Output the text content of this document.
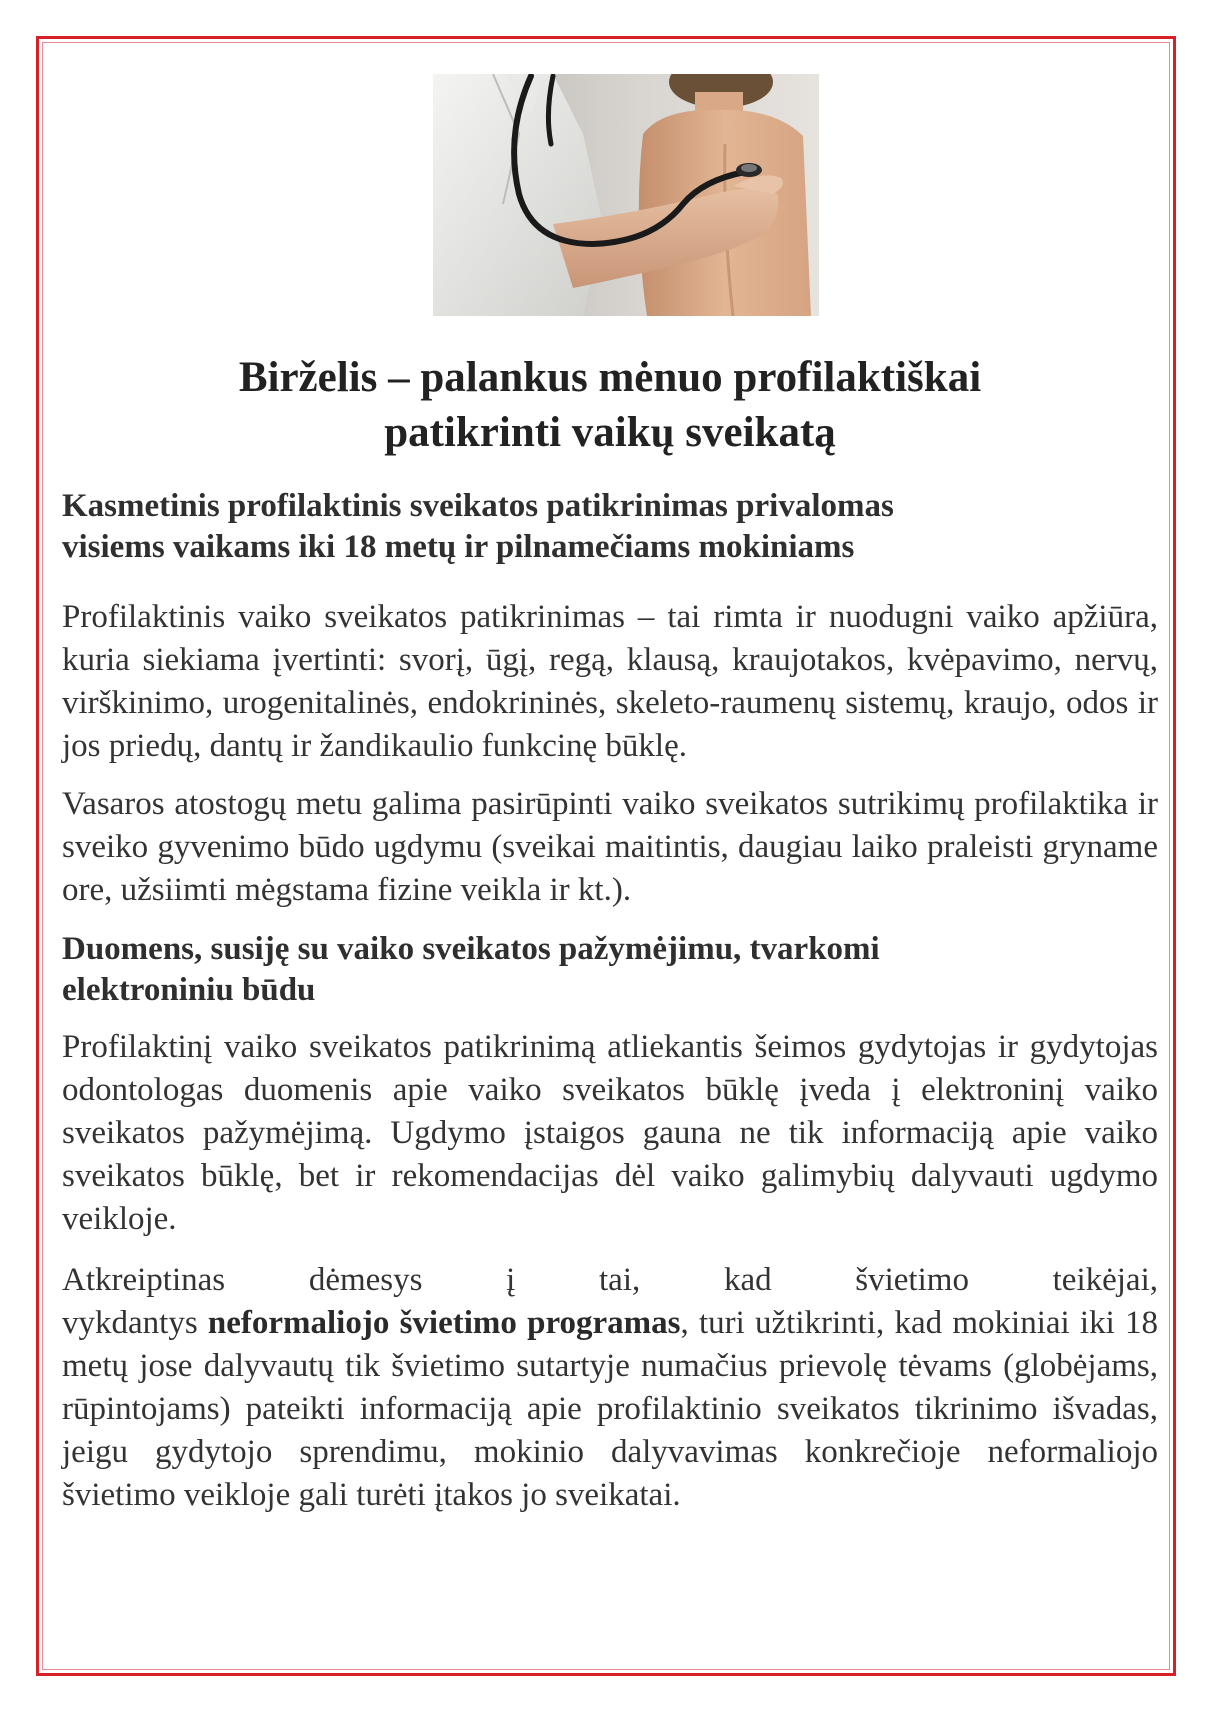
Birželis – palankus mėnuo profilaktiškai
patikrinti vaikų sveikatą
Kasmetinis profilaktinis sveikatos patikrinimas privalomas
visiems vaikams iki 18 metų ir pilnamečiams mokiniams

Profilaktinis vaiko sveikatos patikrinimas – tai rimta ir nuodugni vaiko apžiūra, kuria siekiama įvertinti: svorį, ūgį, regą, klausą, kraujotakos, kvėpavimo, nervų, virškinimo, urogenitalinės, endokrininės, skeleto-raumenų sistemų, kraujo, odos ir jos priedų, dantų ir žandikaulio funkcinę būklę.

Vasaros atostogų metu galima pasirūpinti vaiko sveikatos sutrikimų profilaktika ir sveiko gyvenimo būdo ugdymu (sveikai maitintis, daugiau laiko praleisti gryname ore, užsiimti mėgstama fizine veikla ir kt.).

Duomens, susiję su vaiko sveikatos pažymėjimu, tvarkomi
elektroniniu būdu

Profilaktinį vaiko sveikatos patikrinimą atliekantis šeimos gydytojas ir gydytojas odontologas duomenis apie vaiko sveikatos būklę įveda į elektroninį vaiko sveikatos pažymėjimą. Ugdymo įstaigos gauna ne tik informaciją apie vaiko sveikatos būklę, bet ir rekomendacijas dėl vaiko galimybių dalyvauti ugdymo veikloje.

Atkreiptinas dėmesys į tai, kad švietimo teikėjai,

vykdantys neformaliojo švietimo programas, turi užtikrinti, kad mokiniai iki 18 metų jose dalyvautų tik švietimo sutartyje numačius prievolę tėvams (globėjams, rūpintojams) pateikti informaciją apie profilaktinio sveikatos tikrinimo išvadas, jeigu gydytojo sprendimu, mokinio dalyvavimas konkrečioje neformaliojo švietimo veikloje gali turėti įtakos jo sveikatai.
